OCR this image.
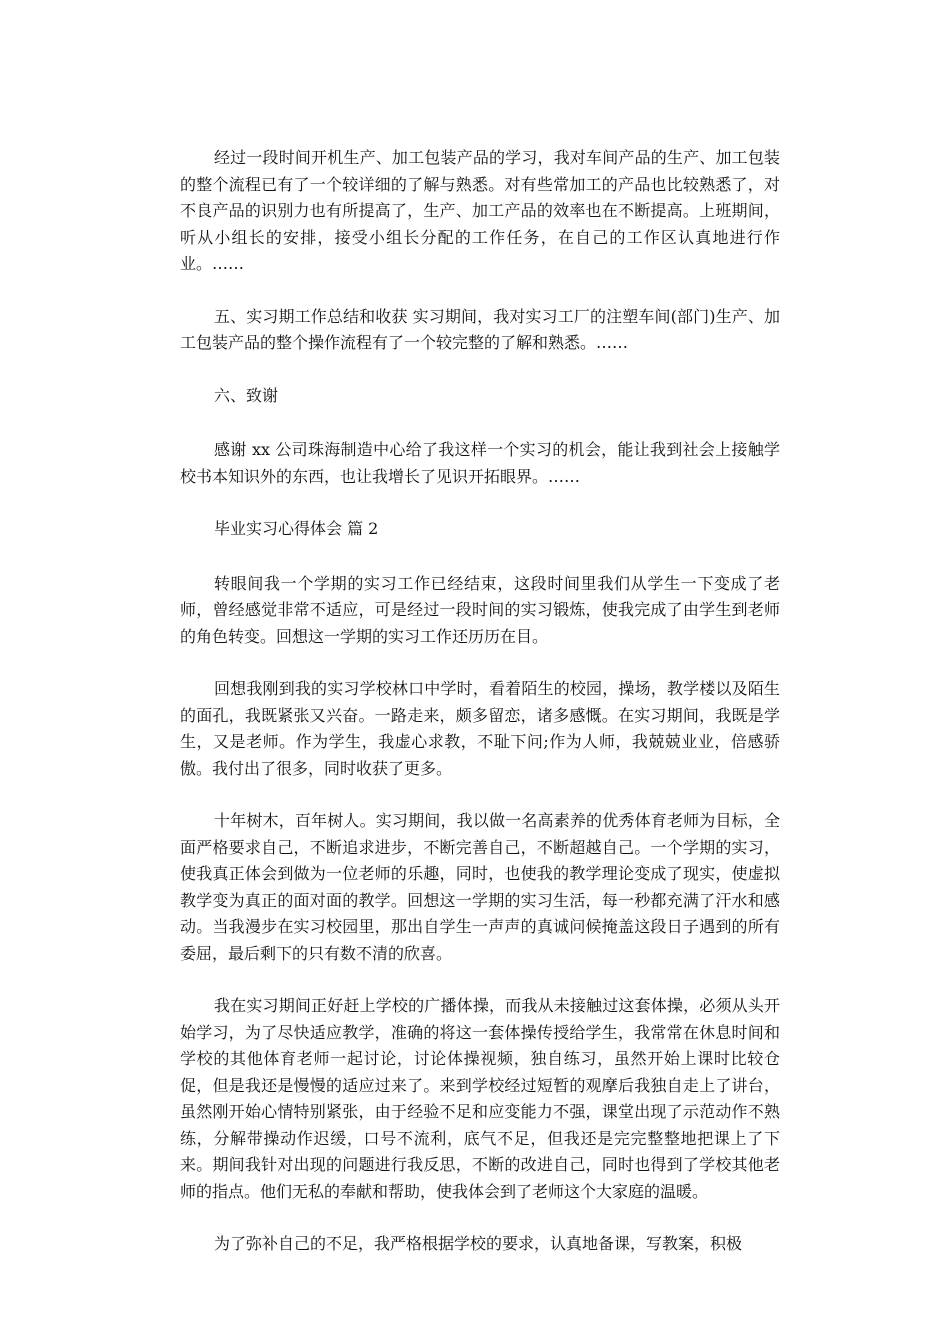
经过一段时间开机生产、加工包装产品的学习，我对车间产品的生产、加工包装的整个流程已有了一个较详细的了解与熟悉。对有些常加工的产品也比较熟悉了，对不良产品的识别力也有所提高了，生产、加工产品的效率也在不断提高。上班期间，听从小组长的安排，接受小组长分配的工作任务，在自己的工作区认真地进行作业。……

五、实习期工作总结和收获 实习期间，我对实习工厂的注塑车间(部门)生产、加工包装产品的整个操作流程有了一个较完整的了解和熟悉。……

六、致谢

感谢 xx 公司珠海制造中心给了我这样一个实习的机会，能让我到社会上接触学校书本知识外的东西，也让我增长了见识开拓眼界。……

毕业实习心得体会 篇 2

转眼间我一个学期的实习工作已经结束，这段时间里我们从学生一下变成了老师，曾经感觉非常不适应，可是经过一段时间的实习锻炼，使我完成了由学生到老师的角色转变。回想这一学期的实习工作还历历在目。

回想我刚到我的实习学校林口中学时，看着陌生的校园，操场，教学楼以及陌生的面孔，我既紧张又兴奋。一路走来，颇多留恋，诸多感慨。在实习期间，我既是学生，又是老师。作为学生，我虚心求教，不耻下问;作为人师，我兢兢业业，倍感骄傲。我付出了很多，同时收获了更多。

十年树木，百年树人。实习期间，我以做一名高素养的优秀体育老师为目标，全面严格要求自己，不断追求进步，不断完善自己，不断超越自己。一个学期的实习，使我真正体会到做为一位老师的乐趣，同时，也使我的教学理论变成了现实，使虚拟教学变为真正的面对面的教学。回想这一学期的实习生活，每一秒都充满了汗水和感动。当我漫步在实习校园里，那出自学生一声声的真诚问候掩盖这段日子遇到的所有委屈，最后剩下的只有数不清的欣喜。

我在实习期间正好赶上学校的广播体操，而我从未接触过这套体操，必须从头开始学习，为了尽快适应教学，准确的将这一套体操传授给学生，我常常在休息时间和学校的其他体育老师一起讨论，讨论体操视频，独自练习，虽然开始上课时比较仓促，但是我还是慢慢的适应过来了。来到学校经过短暂的观摩后我独自走上了讲台，虽然刚开始心情特别紧张，由于经验不足和应变能力不强，课堂出现了示范动作不熟练，分解带操动作迟缓，口号不流利，底气不足，但我还是完完整整地把课上了下来。期间我针对出现的问题进行我反思，不断的改进自己，同时也得到了学校其他老师的指点。他们无私的奉献和帮助，使我体会到了老师这个大家庭的温暖。

为了弥补自己的不足，我严格根据学校的要求，认真地备课，写教案，积极
